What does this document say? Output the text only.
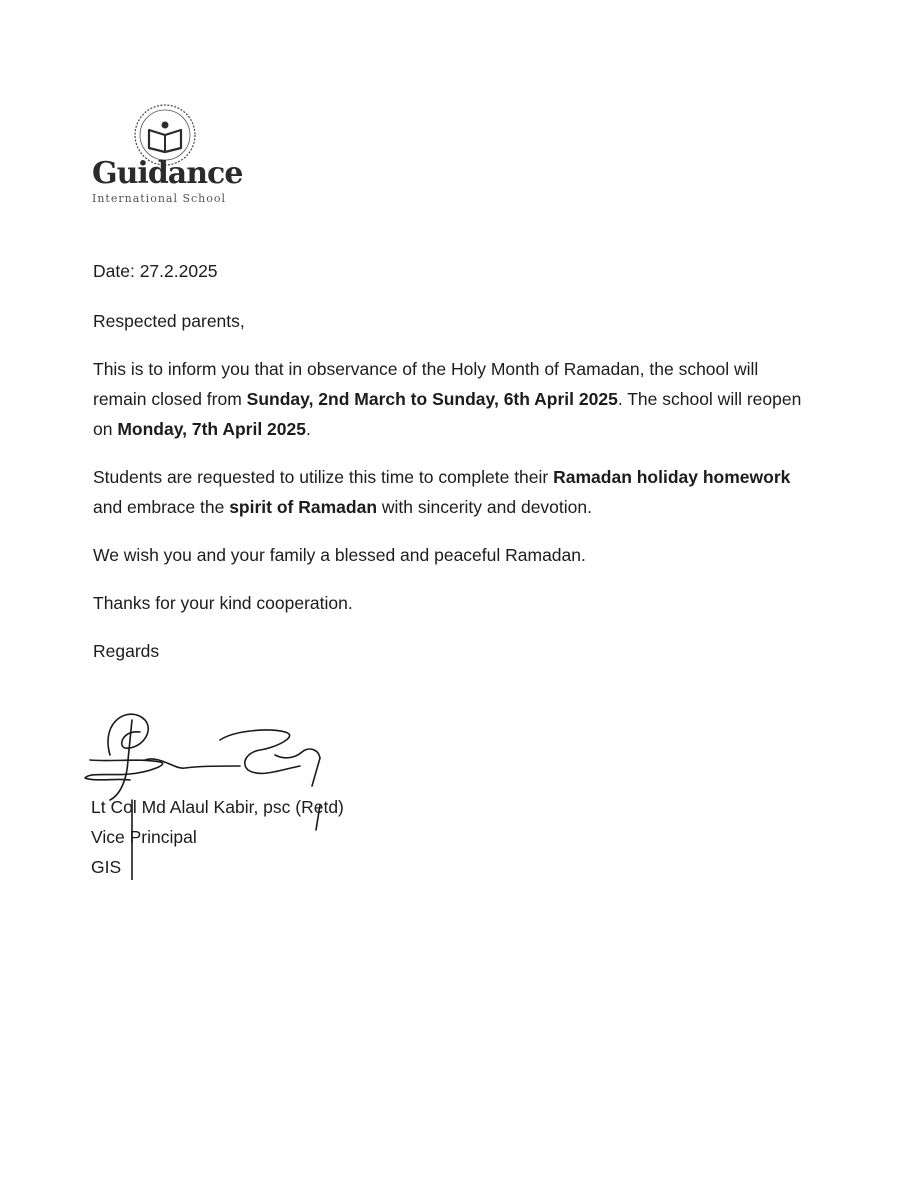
Guidance
International School

Date: 27.2.2025

Respected parents,

This is to inform you that in observance of the Holy Month of Ramadan, the school will remain closed from Sunday, 2nd March to Sunday, 6th April 2025. The school will reopen on Monday, 7th April 2025.

Students are requested to utilize this time to complete their Ramadan holiday homework and embrace the spirit of Ramadan with sincerity and devotion.

We wish you and your family a blessed and peaceful Ramadan.

Thanks for your kind cooperation.

Regards

Lt Col Md Alaul Kabir, psc (Retd)
Vice Principal
GIS
